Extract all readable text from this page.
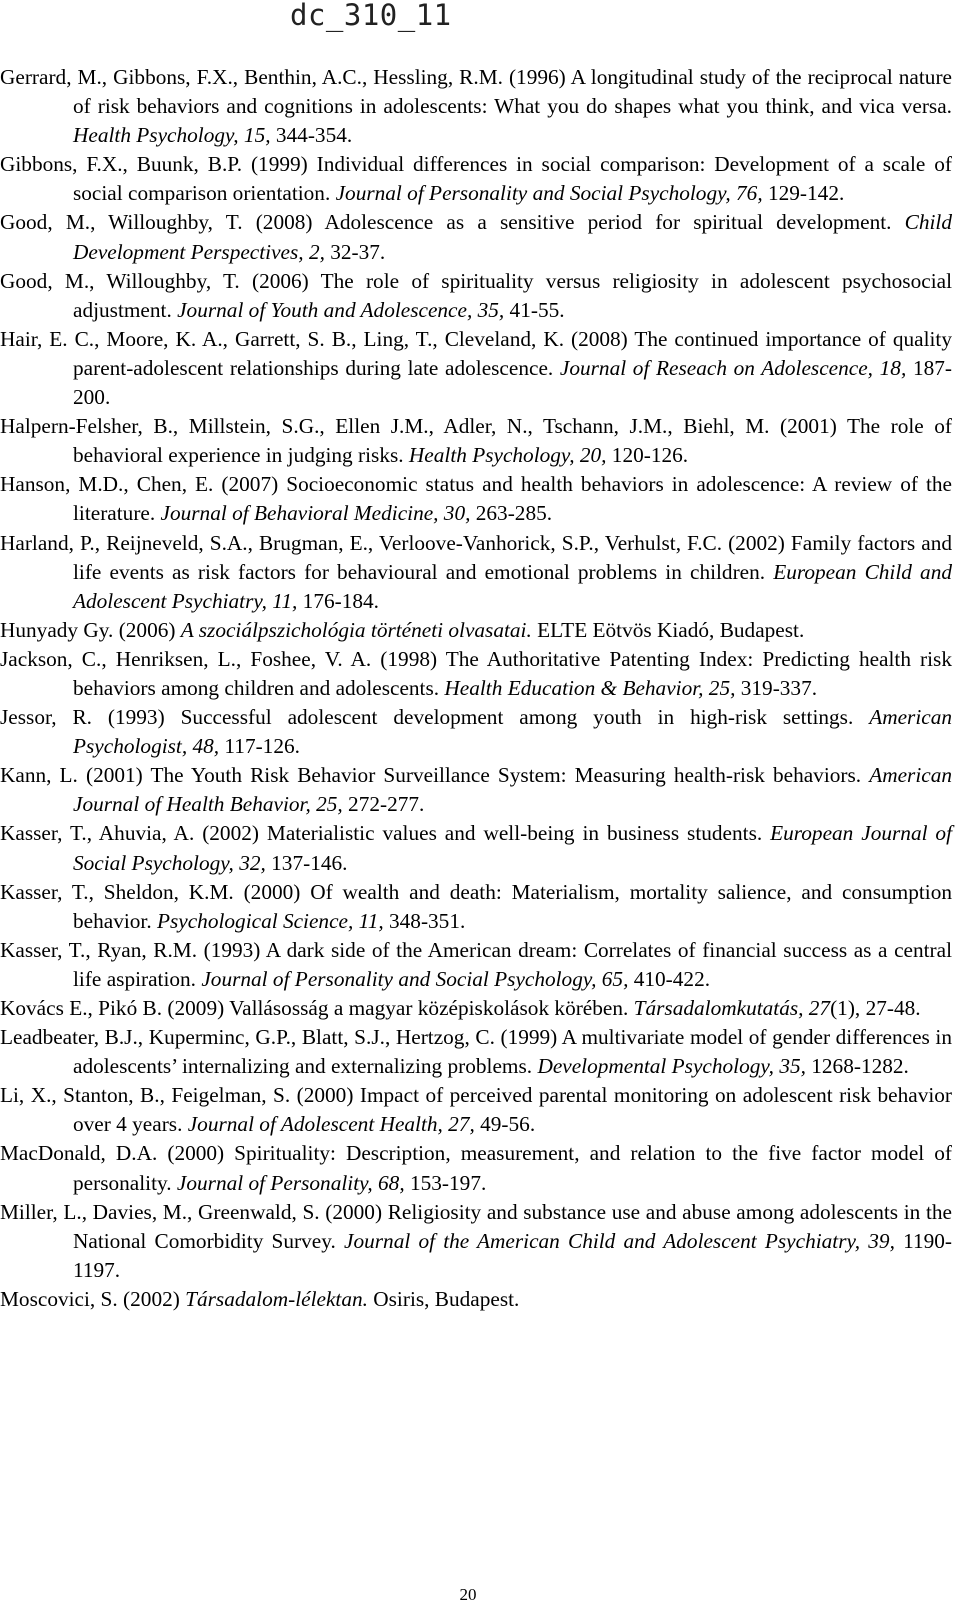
dc_310_11

Gerrard, M., Gibbons, F.X., Benthin, A.C., Hessling, R.M. (1996) A longitudinal study of the reciprocal nature of risk behaviors and cognitions in adolescents: What you do shapes what you think, and vica versa. Health Psychology, 15, 344-354.

Gibbons, F.X., Buunk, B.P. (1999) Individual differences in social comparison: Development of a scale of social comparison orientation. Journal of Personality and Social Psychology, 76, 129-142.

Good, M., Willoughby, T. (2008) Adolescence as a sensitive period for spiritual development. Child Development Perspectives, 2, 32-37.

Good, M., Willoughby, T. (2006) The role of spirituality versus religiosity in adolescent psychosocial adjustment. Journal of Youth and Adolescence, 35, 41-55.

Hair, E. C., Moore, K. A., Garrett, S. B., Ling, T., Cleveland, K. (2008) The continued importance of quality parent-adolescent relationships during late adolescence. Journal of Reseach on Adolescence, 18, 187-200.

Halpern-Felsher, B., Millstein, S.G., Ellen J.M., Adler, N., Tschann, J.M., Biehl, M. (2001) The role of behavioral experience in judging risks. Health Psychology, 20, 120-126.

Hanson, M.D., Chen, E. (2007) Socioeconomic status and health behaviors in adolescence: A review of the literature. Journal of Behavioral Medicine, 30, 263-285.

Harland, P., Reijneveld, S.A., Brugman, E., Verloove-Vanhorick, S.P., Verhulst, F.C. (2002) Family factors and life events as risk factors for behavioural and emotional problems in children. European Child and Adolescent Psychiatry, 11, 176-184.

Hunyady Gy. (2006) A szociálpszichológia történeti olvasatai. ELTE Eötvös Kiadó, Budapest.

Jackson, C., Henriksen, L., Foshee, V. A. (1998) The Authoritative Patenting Index: Predicting health risk behaviors among children and adolescents. Health Education & Behavior, 25, 319-337.

Jessor, R. (1993) Successful adolescent development among youth in high-risk settings. American Psychologist, 48, 117-126.

Kann, L. (2001) The Youth Risk Behavior Surveillance System: Measuring health-risk behaviors. American Journal of Health Behavior, 25, 272-277.

Kasser, T., Ahuvia, A. (2002) Materialistic values and well-being in business students. European Journal of Social Psychology, 32, 137-146.

Kasser, T., Sheldon, K.M. (2000) Of wealth and death: Materialism, mortality salience, and consumption behavior. Psychological Science, 11, 348-351.

Kasser, T., Ryan, R.M. (1993) A dark side of the American dream: Correlates of financial success as a central life aspiration. Journal of Personality and Social Psychology, 65, 410-422.

Kovács E., Pikó B. (2009) Vallásosság a magyar középiskolások körében. Társadalomkutatás, 27(1), 27-48.

Leadbeater, B.J., Kuperminc, G.P., Blatt, S.J., Hertzog, C. (1999) A multivariate model of gender differences in adolescents’ internalizing and externalizing problems. Developmental Psychology, 35, 1268-1282.

Li, X., Stanton, B., Feigelman, S. (2000) Impact of perceived parental monitoring on adolescent risk behavior over 4 years. Journal of Adolescent Health, 27, 49-56.

MacDonald, D.A. (2000) Spirituality: Description, measurement, and relation to the five factor model of personality. Journal of Personality, 68, 153-197.

Miller, L., Davies, M., Greenwald, S. (2000) Religiosity and substance use and abuse among adolescents in the National Comorbidity Survey. Journal of the American Child and Adolescent Psychiatry, 39, 1190-1197.

Moscovici, S. (2002) Társadalom-lélektan. Osiris, Budapest.

20
